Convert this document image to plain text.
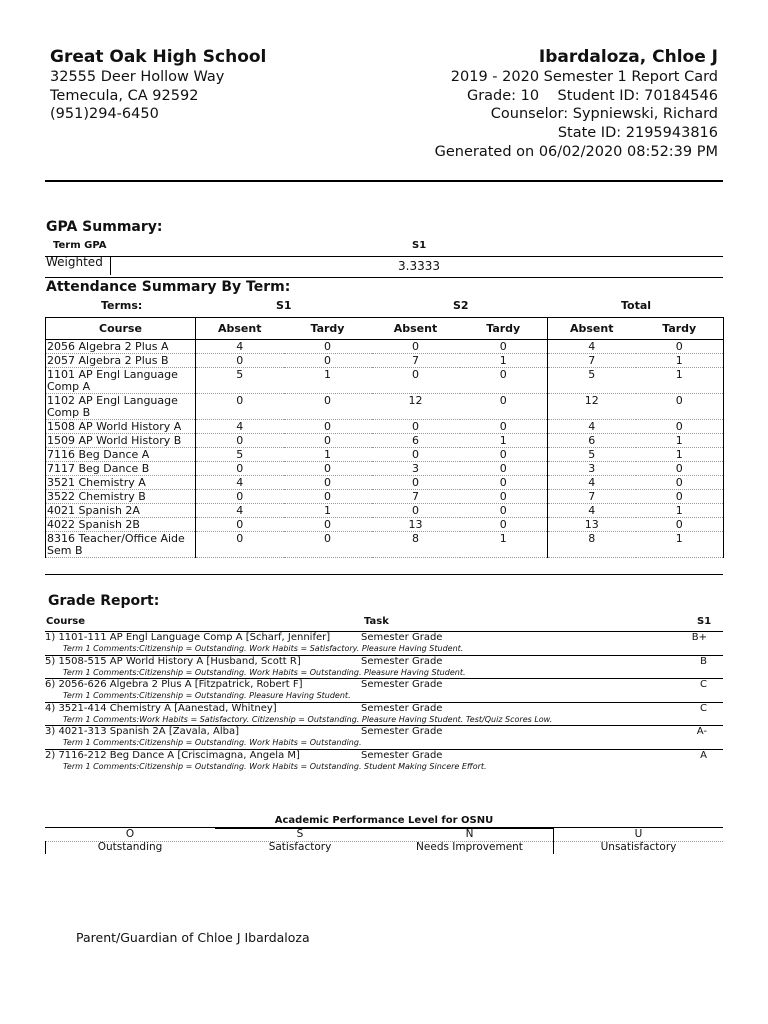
Great Oak High School
32555 Deer Hollow Way
Temecula, CA 92592
(951)294-6450
Ibardaloza, Chloe J
2019 - 2020 Semester 1 Report Card
Grade: 10    Student ID: 70184546
Counselor: Sypniewski, Richard
State ID: 2195943816
Generated on 06/02/2020 08:52:39 PM
GPA Summary:
Term GPA	S1
Weighted	3.3333
Attendance Summary By Term:
Terms:	S1	S2	Total
Course	Absent	Tardy	Absent	Tardy	Absent	Tardy
2056 Algebra 2 Plus A	4	0	0	0	4	0
2057 Algebra 2 Plus B	0	0	7	1	7	1
1101 AP Engl Language Comp A	5	1	0	0	5	1
1102 AP Engl Language Comp B	0	0	12	0	12	0
1508 AP World History A	4	0	0	0	4	0
1509 AP World History B	0	0	6	1	6	1
7116 Beg Dance A	5	1	0	0	5	1
7117 Beg Dance B	0	0	3	0	3	0
3521 Chemistry A	4	0	0	0	4	0
3522 Chemistry B	0	0	7	0	7	0
4021 Spanish 2A	4	1	0	0	4	1
4022 Spanish 2B	0	0	13	0	13	0
8316 Teacher/Office Aide Sem B	0	0	8	1	8	1
Grade Report:
Course	Task	S1
1) 1101-111 AP Engl Language Comp A [Scharf, Jennifer]	Semester Grade	B+
Term 1 Comments:Citizenship = Outstanding. Work Habits = Satisfactory. Pleasure Having Student.
5) 1508-515 AP World History A [Husband, Scott R]	Semester Grade	B
Term 1 Comments:Citizenship = Outstanding. Work Habits = Outstanding. Pleasure Having Student.
6) 2056-626 Algebra 2 Plus A [Fitzpatrick, Robert F]	Semester Grade	C
Term 1 Comments:Citizenship = Outstanding. Pleasure Having Student.
4) 3521-414 Chemistry A [Aanestad, Whitney]	Semester Grade	C
Term 1 Comments:Work Habits = Satisfactory. Citizenship = Outstanding. Pleasure Having Student. Test/Quiz Scores Low.
3) 4021-313 Spanish 2A [Zavala, Alba]	Semester Grade	A-
Term 1 Comments:Citizenship = Outstanding. Work Habits = Outstanding.
2) 7116-212 Beg Dance A [Criscimagna, Angela M]	Semester Grade	A
Term 1 Comments:Citizenship = Outstanding. Work Habits = Outstanding. Student Making Sincere Effort.
Academic Performance Level for OSNU
O	S	N	U
Outstanding	Satisfactory	Needs Improvement	Unsatisfactory
Parent/Guardian of Chloe J Ibardaloza
